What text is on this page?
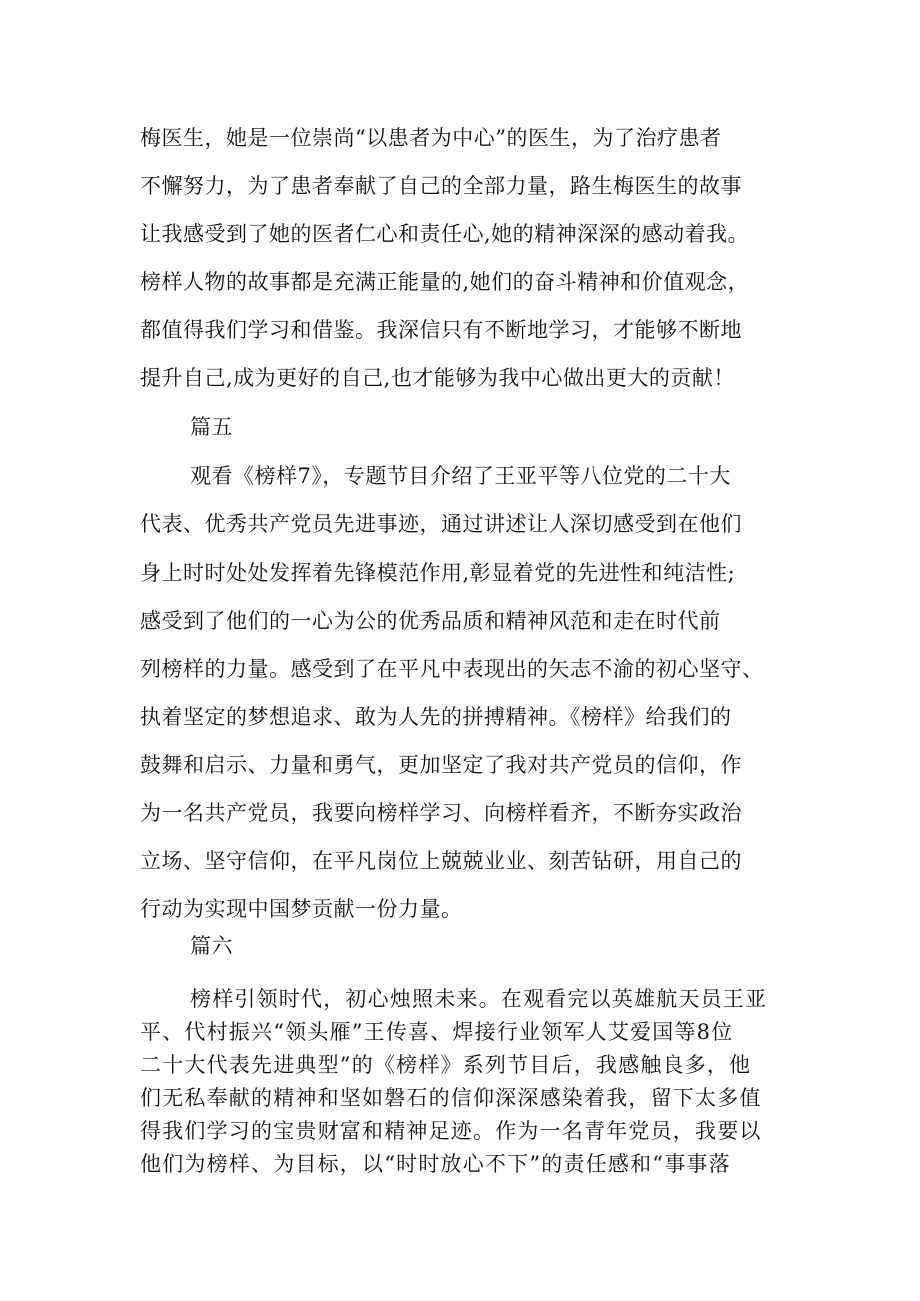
梅医生，她是一位崇尚“以患者为中心”的医生，为了治疗患者
不懈努力，为了患者奉献了自己的全部力量，路生梅医生的故事
让我感受到了她的医者仁心和责任心,她的精神深深的感动着我。
榜样人物的故事都是充满正能量的,她们的奋斗精神和价值观念，
都值得我们学习和借鉴。我深信只有不断地学习，才能够不断地
提升自己,成为更好的自己,也才能够为我中心做出更大的贡献！
篇五
观看《榜样7》，专题节目介绍了王亚平等八位党的二十大
代表、优秀共产党员先进事迹，通过讲述让人深切感受到在他们
身上时时处处发挥着先锋模范作用,彰显着党的先进性和纯洁性;
感受到了他们的一心为公的优秀品质和精神风范和走在时代前
列榜样的力量。感受到了在平凡中表现出的矢志不渝的初心坚守、
执着坚定的梦想追求、敢为人先的拼搏精神。《榜样》给我们的
鼓舞和启示、力量和勇气，更加坚定了我对共产党员的信仰，作
为一名共产党员，我要向榜样学习、向榜样看齐，不断夯实政治
立场、坚守信仰，在平凡岗位上兢兢业业、刻苦钻研，用自己的
行动为实现中国梦贡献一份力量。
篇六
榜样引领时代，初心烛照未来。在观看完以英雄航天员王亚
平、代村振兴“领头雁”王传喜、焊接行业领军人艾爱国等8位
二十大代表先进典型”的《榜样》系列节目后，我感触良多，他
们无私奉献的精神和坚如磐石的信仰深深感染着我，留下太多值
得我们学习的宝贵财富和精神足迹。作为一名青年党员，我要以
他们为榜样、为目标，以“时时放心不下”的责任感和“事事落
